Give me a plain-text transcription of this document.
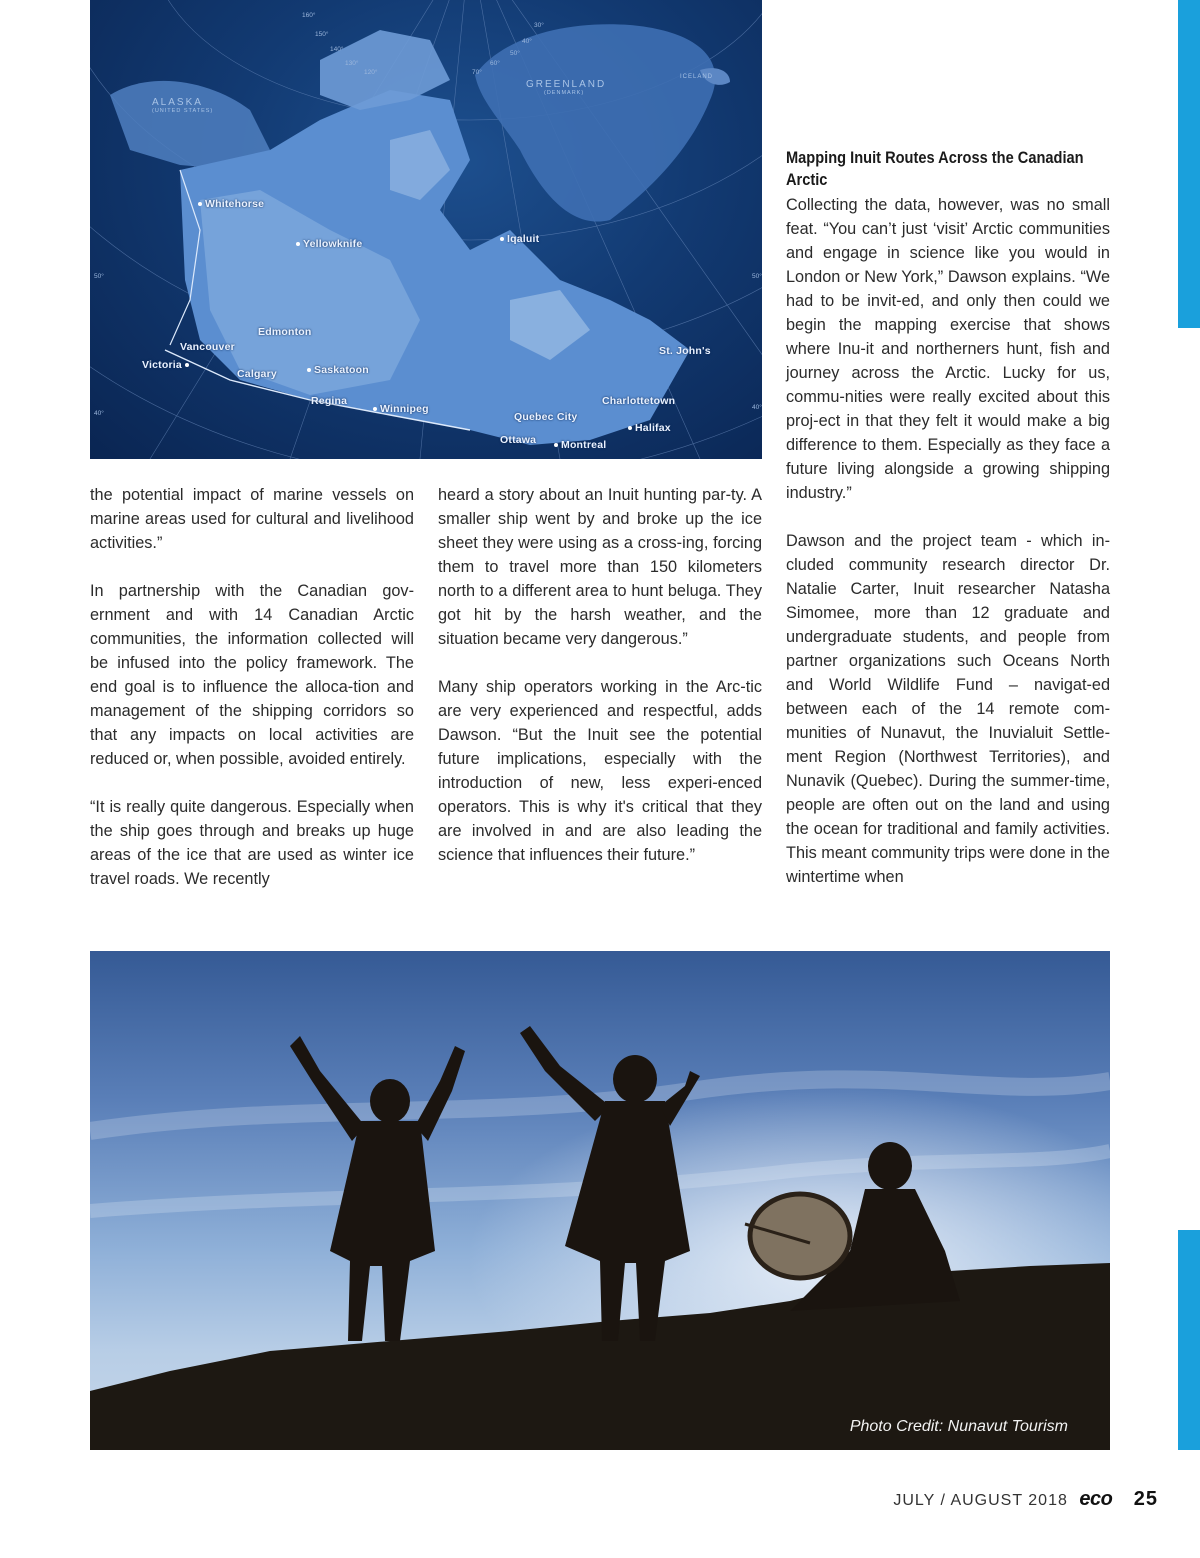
ALASKA
(UNITED STATES)
GREENLAND
(DENMARK)
ICELAND
160°
150°
140°
130°
120°	70°
60°
50°
40°
30°
50°	50°
40°
40°
Whitehorse
Yellowknife	Iqaluit
Edmonton
Vancouver
Victoria
Calgary	Saskatoon
Regina
Winnipeg
St. John's
Charlottetown
Quebec City
Halifax
Ottawa	Montreal

the potential impact of marine vessels on marine areas used for cultural and livelihood activities.”

In partnership with the Canadian gov-ernment and with 14 Canadian Arctic communities, the information collected will be infused into the policy framework. The end goal is to influence the alloca-tion and management of the shipping corridors so that any impacts on local activities are reduced or, when possible, avoided entirely.

“It is really quite dangerous. Especially when the ship goes through and breaks up huge areas of the ice that are used as winter ice travel roads. We recently

heard a story about an Inuit hunting par-ty. A smaller ship went by and broke up the ice sheet they were using as a cross-ing, forcing them to travel more than 150 kilometers north to a different area to hunt beluga. They got hit by the harsh weather, and the situation became very dangerous.”

Many ship operators working in the Arc-tic are very experienced and respectful, adds Dawson. “But the Inuit see the potential future implications, especially with the introduction of new, less experi-enced operators. This is why it's critical that they are involved in and are also leading the science that influences their future.”

Mapping Inuit Routes Across the Canadian Arctic

Collecting the data, however, was no small feat. “You can’t just ‘visit’ Arctic communities and engage in science like you would in London or New York,” Dawson explains. “We had to be invit-ed, and only then could we begin the mapping exercise that shows where Inu-it and northerners hunt, fish and journey across the Arctic. Lucky for us, commu-nities were really excited about this proj-ect in that they felt it would make a big difference to them. Especially as they face a future living alongside a growing shipping industry.”

Dawson and the project team - which in-cluded community research director Dr. Natalie Carter, Inuit researcher Natasha Simomee, more than 12 graduate and undergraduate students, and people from partner organizations such Oceans North and World Wildlife Fund – navigat-ed between each of the 14 remote com-munities of Nunavut, the Inuvialuit Settle-ment Region (Northwest Territories), and Nunavik (Quebec). During the summer-time, people are often out on the land and using the ocean for traditional and family activities. This meant community trips were done in the wintertime when

Photo Credit: Nunavut Tourism
JULY / AUGUST 2018 eco 25
